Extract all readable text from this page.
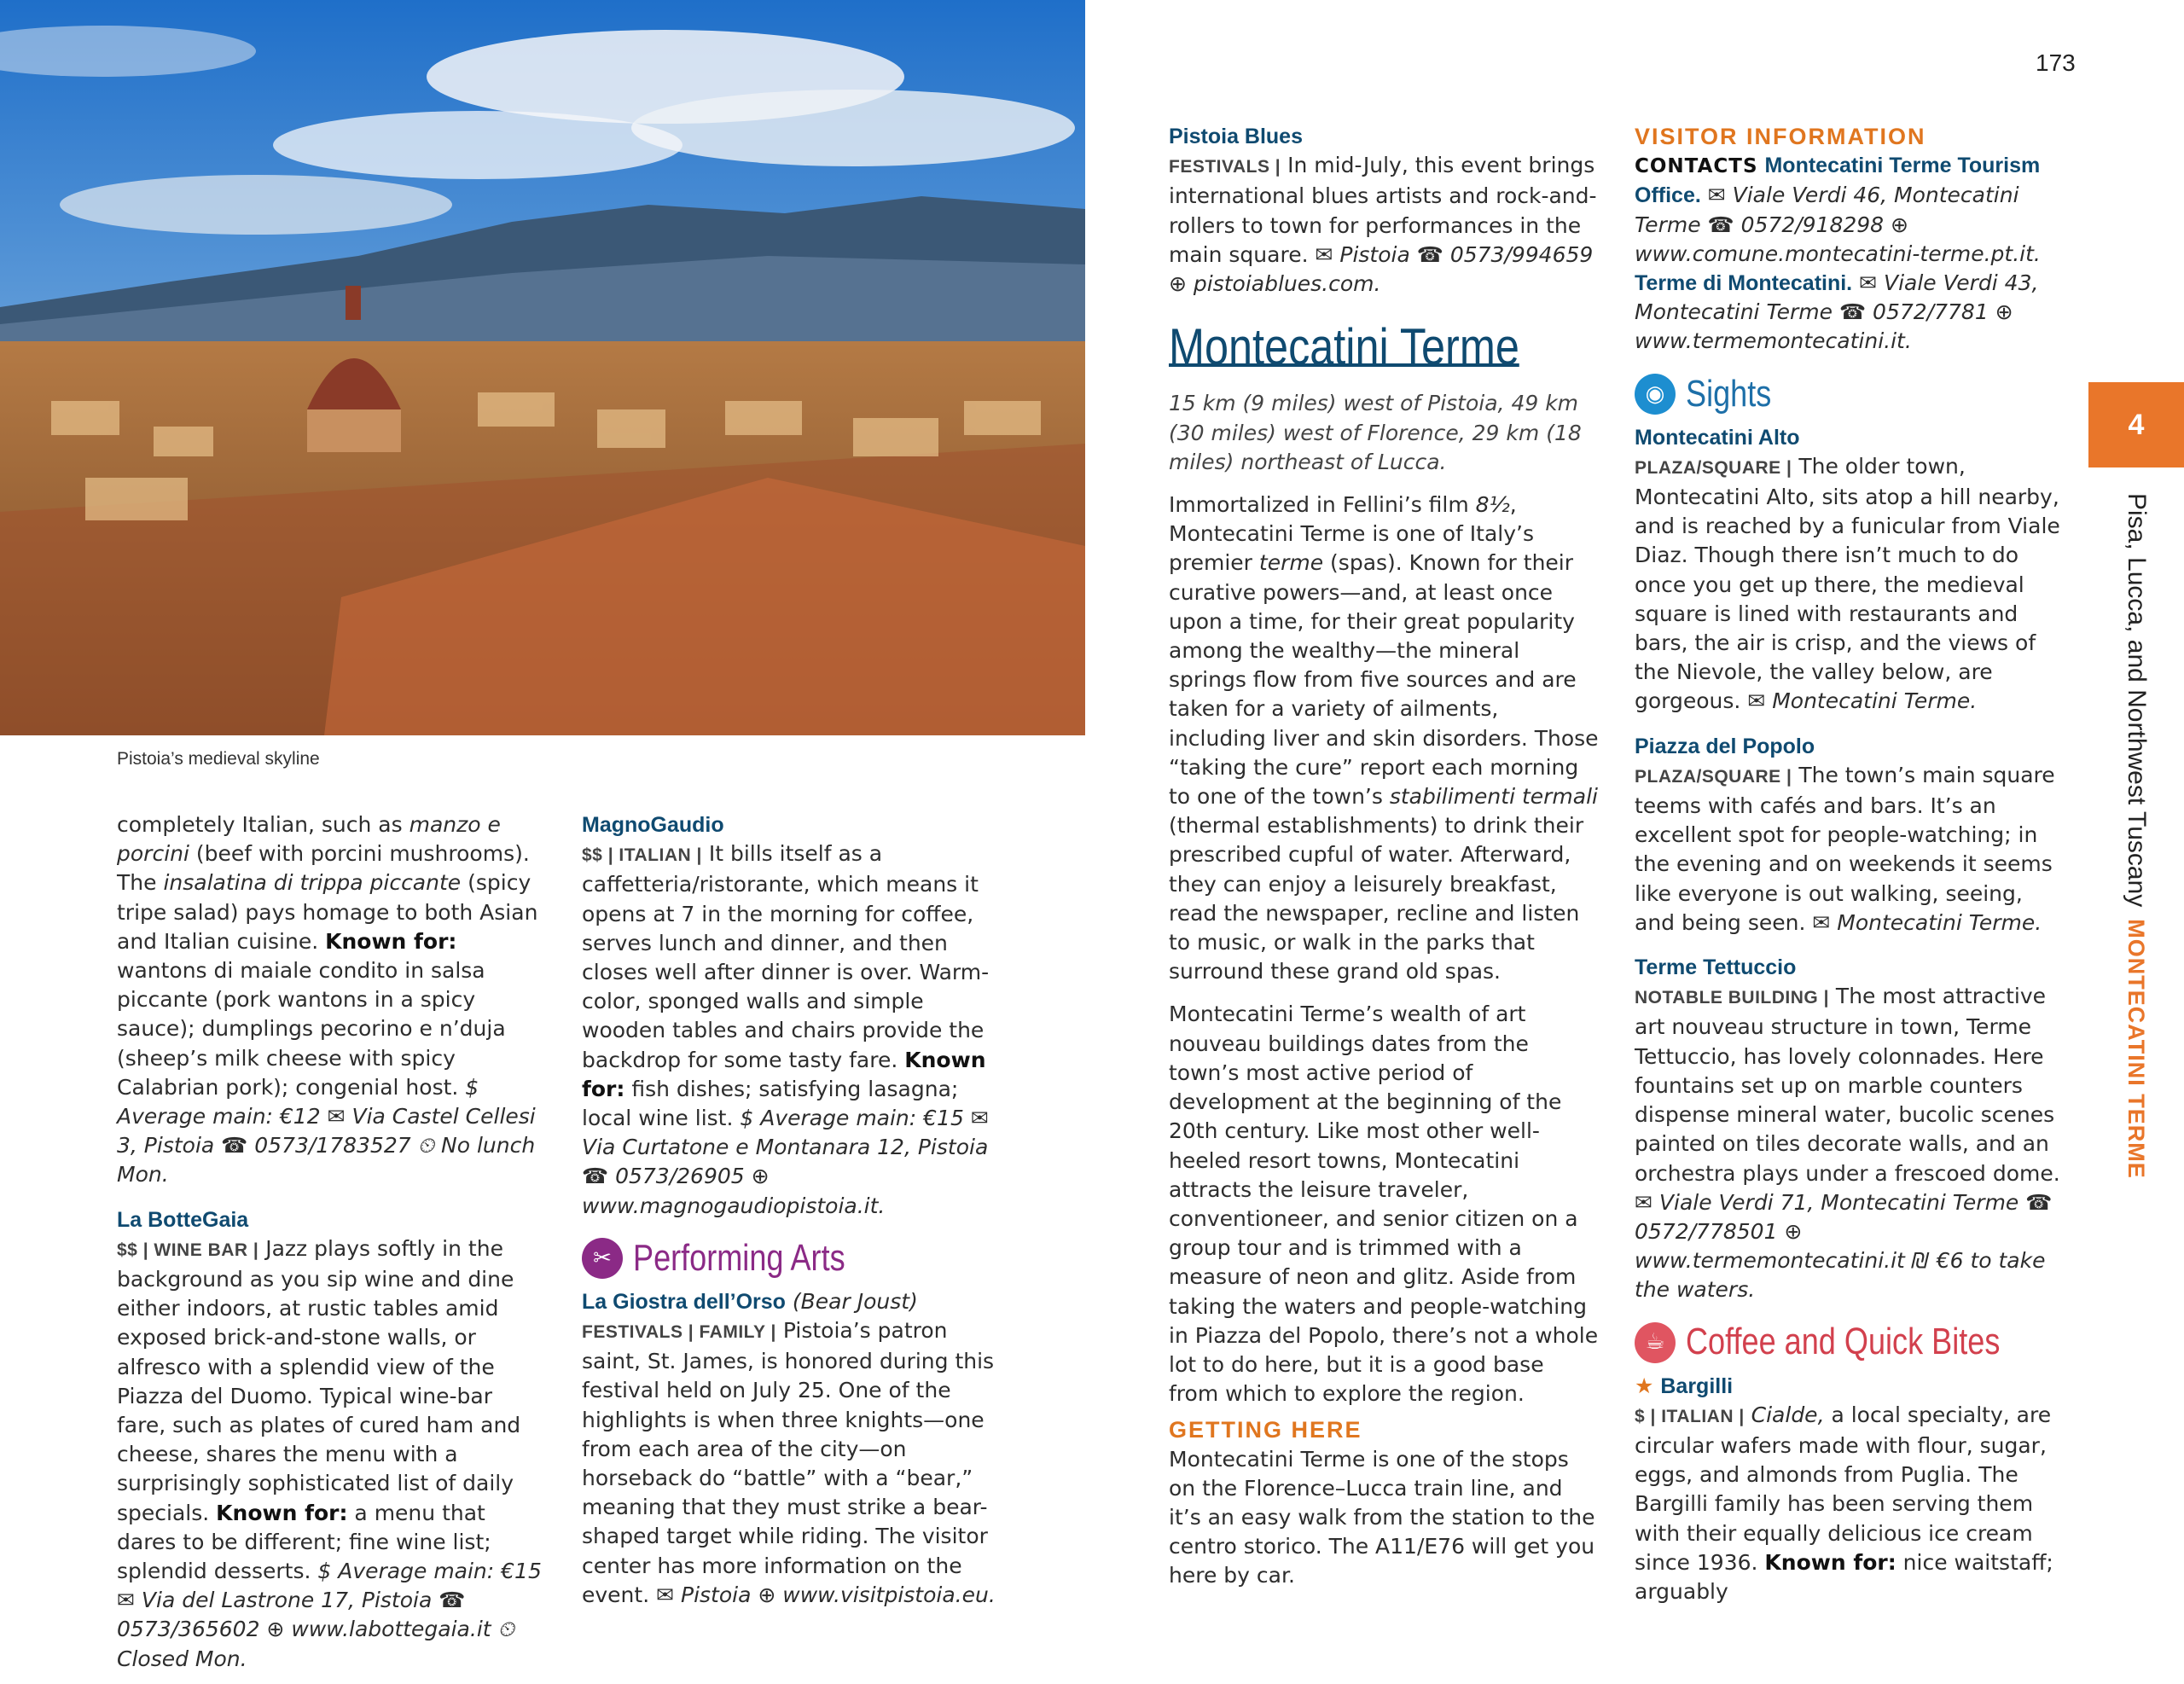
Pistoia’s medieval skyline
173
4
Pisa, Lucca, and Northwest TuscanyMONTECATINI TERME

completely Italian, such as manzo e porcini (beef with porcini mushrooms). The insalatina di trippa piccante (spicy tripe salad) pays homage to both Asian and Italian cuisine. Known for: wantons di maiale condito in salsa piccante (pork wantons in a spicy sauce); dumplings pecorino e n’duja (sheep’s milk cheese with spicy Calabrian pork); congenial host. $ Average main: €12 ✉ Via Castel Cellesi 3, Pistoia ☎ 0573/1783527 ⏲ No lunch Mon.

La BotteGaia

$$ | WINE BAR | Jazz plays softly in the background as you sip wine and dine either indoors, at rustic tables amid exposed brick-and-stone walls, or alfresco with a splendid view of the Piazza del Duomo. Typical wine-bar fare, such as plates of cured ham and cheese, shares the menu with a surprisingly sophisticated list of daily specials. Known for: a menu that dares to be different; fine wine list; splendid desserts. $ Average main: €15 ✉ Via del Lastrone 17, Pistoia ☎ 0573/365602 ⊕ www.labottegaia.it ⏲ Closed Mon.

MagnoGaudio

$$ | ITALIAN | It bills itself as a caffetteria/ristorante, which means it opens at 7 in the morning for coffee, serves lunch and dinner, and then closes well after dinner is over. Warm-color, sponged walls and simple wooden tables and chairs provide the backdrop for some tasty fare. Known for: fish dishes; satisfying lasagna; local wine list. $ Average main: €15 ✉ Via Curtatone e Montanara 12, Pistoia ☎ 0573/26905 ⊕ www.magnogaudiopistoia.it.

✂ Performing Arts
La Giostra dell’Orso (Bear Joust)

FESTIVALS | FAMILY | Pistoia’s patron saint, St. James, is honored during this festival held on July 25. One of the highlights is when three knights—one from each area of the city—on horseback do “battle” with a “bear,” meaning that they must strike a bear-shaped target while riding. The visitor center has more information on the event. ✉ Pistoia ⊕ www.visitpistoia.eu.

Pistoia Blues

FESTIVALS | In mid-July, this event brings international blues artists and rock-and-rollers to town for performances in the main square. ✉ Pistoia ☎ 0573/994659 ⊕ pistoiablues.com.

Montecatini Terme

15 km (9 miles) west of Pistoia, 49 km (30 miles) west of Florence, 29 km (18 miles) northeast of Lucca.

Immortalized in Fellini’s film 8½, Montecatini Terme is one of Italy’s premier terme (spas). Known for their curative powers—and, at least once upon a time, for their great popularity among the wealthy—the mineral springs flow from five sources and are taken for a variety of ailments, including liver and skin disorders. Those “taking the cure” report each morning to one of the town’s stabilimenti termali (thermal establishments) to drink their prescribed cupful of water. Afterward, they can enjoy a leisurely breakfast, read the newspaper, recline and listen to music, or walk in the parks that surround these grand old spas.

Montecatini Terme’s wealth of art nouveau buildings dates from the town’s most active period of development at the beginning of the 20th century. Like most other well-heeled resort towns, Montecatini attracts the leisure traveler, conventioneer, and senior citizen on a group tour and is trimmed with a measure of neon and glitz. Aside from taking the waters and people-watching in Piazza del Popolo, there’s not a whole lot to do here, but it is a good base from which to explore the region.

GETTING HERE

Montecatini Terme is one of the stops on the Florence–Lucca train line, and it’s an easy walk from the station to the centro storico. The A11/E76 will get you here by car.

VISITOR INFORMATION

CONTACTS Montecatini Terme Tourism Office. ✉ Viale Verdi 46, Montecatini Terme ☎ 0572/918298 ⊕ www.comune.montecatini-terme.pt.it. Terme di Montecatini. ✉ Viale Verdi 43, Montecatini Terme ☎ 0572/7781 ⊕ www.termemontecatini.it.

◉ Sights
Montecatini Alto

PLAZA/SQUARE | The older town, Montecatini Alto, sits atop a hill nearby, and is reached by a funicular from Viale Diaz. Though there isn’t much to do once you get up there, the medieval square is lined with restaurants and bars, the air is crisp, and the views of the Nievole, the valley below, are gorgeous. ✉ Montecatini Terme.

Piazza del Popolo

PLAZA/SQUARE | The town’s main square teems with cafés and bars. It’s an excellent spot for people-watching; in the evening and on weekends it seems like everyone is out walking, seeing, and being seen. ✉ Montecatini Terme.

Terme Tettuccio

NOTABLE BUILDING | The most attractive art nouveau structure in town, Terme Tettuccio, has lovely colonnades. Here fountains set up on marble counters dispense mineral water, bucolic scenes painted on tiles decorate walls, and an orchestra plays under a frescoed dome. ✉ Viale Verdi 71, Montecatini Terme ☎ 0572/778501 ⊕ www.termemontecatini.it ₪ €6 to take the waters.

☕ Coffee and Quick Bites
★ Bargilli

$ | ITALIAN | Cialde, a local specialty, are circular wafers made with flour, sugar, eggs, and almonds from Puglia. The Bargilli family has been serving them with their equally delicious ice cream since 1936. Known for: nice waitstaff; arguably
